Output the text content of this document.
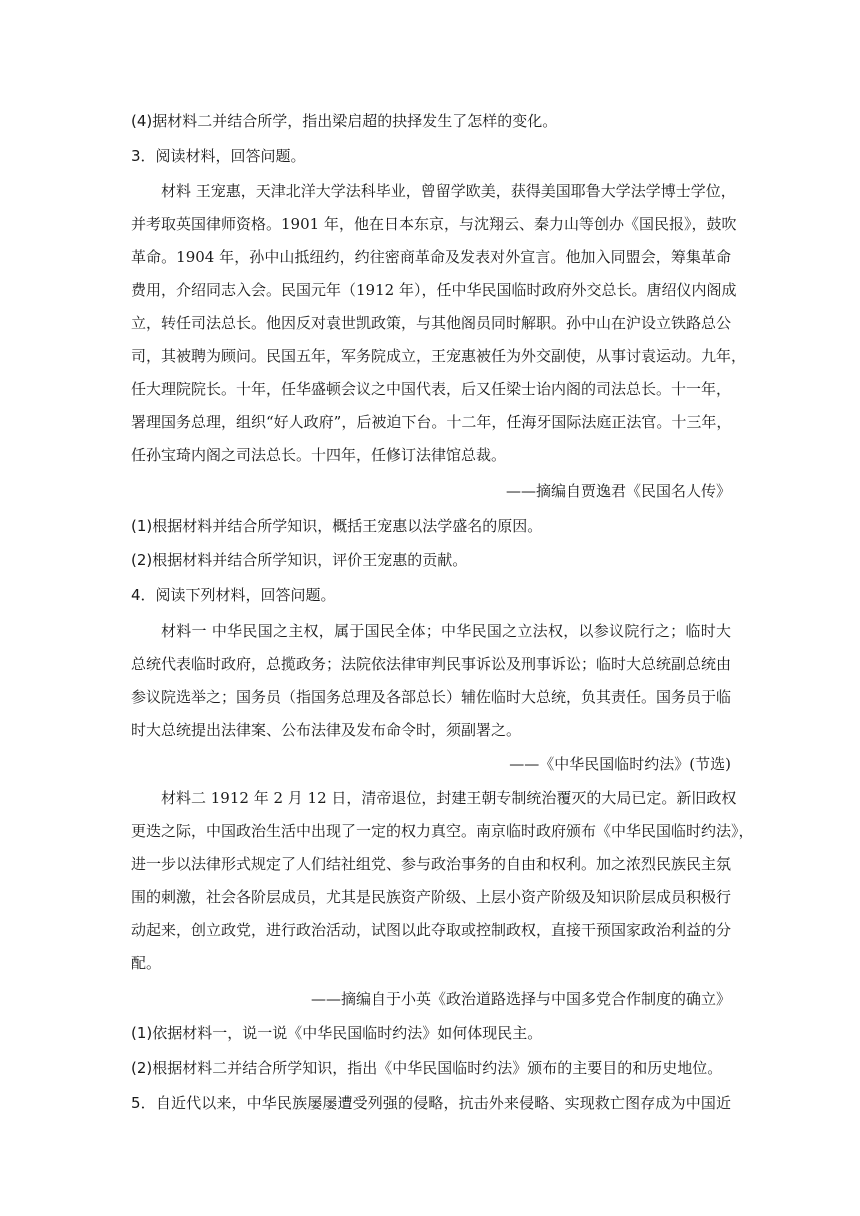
(4)据材料二并结合所学，指出梁启超的抉择发生了怎样的变化。
3．阅读材料，回答问题。
材料 王宠惠，天津北洋大学法科毕业，曾留学欧美，获得美国耶鲁大学法学博士学位，
并考取英国律师资格。1901 年，他在日本东京，与沈翔云、秦力山等创办《国民报》，鼓吹
革命。1904 年，孙中山抵纽约，约往密商革命及发表对外宣言。他加入同盟会，筹集革命
费用，介绍同志入会。民国元年（1912 年），任中华民国临时政府外交总长。唐绍仪内阁成
立，转任司法总长。他因反对袁世凯政策，与其他阁员同时解职。孙中山在沪设立铁路总公
司，其被聘为顾问。民国五年，军务院成立，王宠惠被任为外交副使，从事讨袁运动。九年，
任大理院院长。十年，任华盛顿会议之中国代表，后又任梁士诒内阁的司法总长。十一年，
署理国务总理，组织“好人政府”，后被迫下台。十二年，任海牙国际法庭正法官。十三年，
任孙宝琦内阁之司法总长。十四年，任修订法律馆总裁。
——摘编自贾逸君《民国名人传》
(1)根据材料并结合所学知识，概括王宠惠以法学盛名的原因。
(2)根据材料并结合所学知识，评价王宠惠的贡献。
4．阅读下列材料，回答问题。
材料一 中华民国之主权，属于国民全体；中华民国之立法权，以参议院行之；临时大
总统代表临时政府，总揽政务；法院依法律审判民事诉讼及刑事诉讼；临时大总统副总统由
参议院选举之；国务员（指国务总理及各部总长）辅佐临时大总统，负其责任。国务员于临
时大总统提出法律案、公布法律及发布命令时，须副署之。
——《中华民国临时约法》(节选)
材料二 1912 年 2 月 12 日，清帝退位，封建王朝专制统治覆灭的大局已定。新旧政权
更迭之际，中国政治生活中出现了一定的权力真空。南京临时政府颁布《中华民国临时约法》，
进一步以法律形式规定了人们结社组党、参与政治事务的自由和权利。加之浓烈民族民主氛
围的刺激，社会各阶层成员，尤其是民族资产阶级、上层小资产阶级及知识阶层成员积极行
动起来，创立政党，进行政治活动，试图以此夺取或控制政权，直接干预国家政治利益的分
配。
——摘编自于小英《政治道路选择与中国多党合作制度的确立》
(1)依据材料一，说一说《中华民国临时约法》如何体现民主。
(2)根据材料二并结合所学知识，指出《中华民国临时约法》颁布的主要目的和历史地位。
5．自近代以来，中华民族屡屡遭受列强的侵略，抗击外来侵略、实现救亡图存成为中国近
